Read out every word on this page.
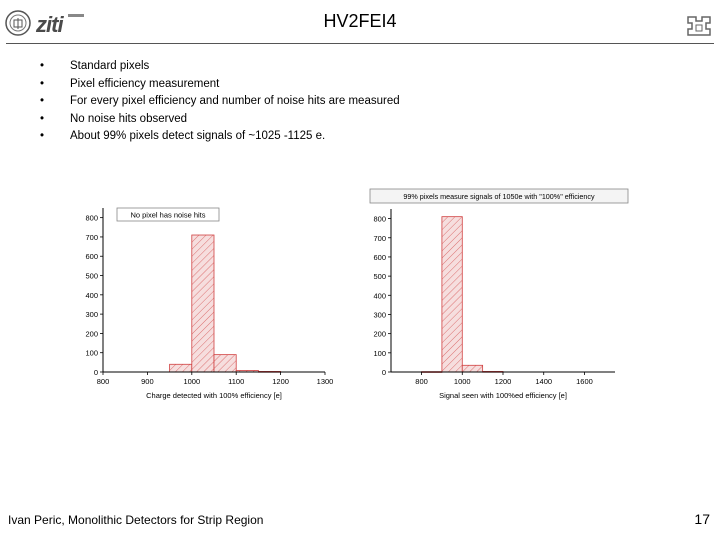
ziti	HV2FEI4
•	Standard pixels
•	Pixel efficiency measurement
•	For every pixel efficiency and number of noise hits are measured
•	No noise hits observed
•	About 99% pixels detect signals of ~1025 -1125 e.
No pixel has noise hits
0
100
200
300
400
500
600
700
800
800	900	1000	1100	1200	1300
Charge detected with 100% efficiency [e]
99% pixels measure signals of 1050e with "100%" efficiency
0
100
200
300
400
500
600
700
800
800	1000	1200	1400	1600
Signal seen with 100%ed efficiency [e]
Ivan Peric, Monolithic Detectors for Strip Region	17
